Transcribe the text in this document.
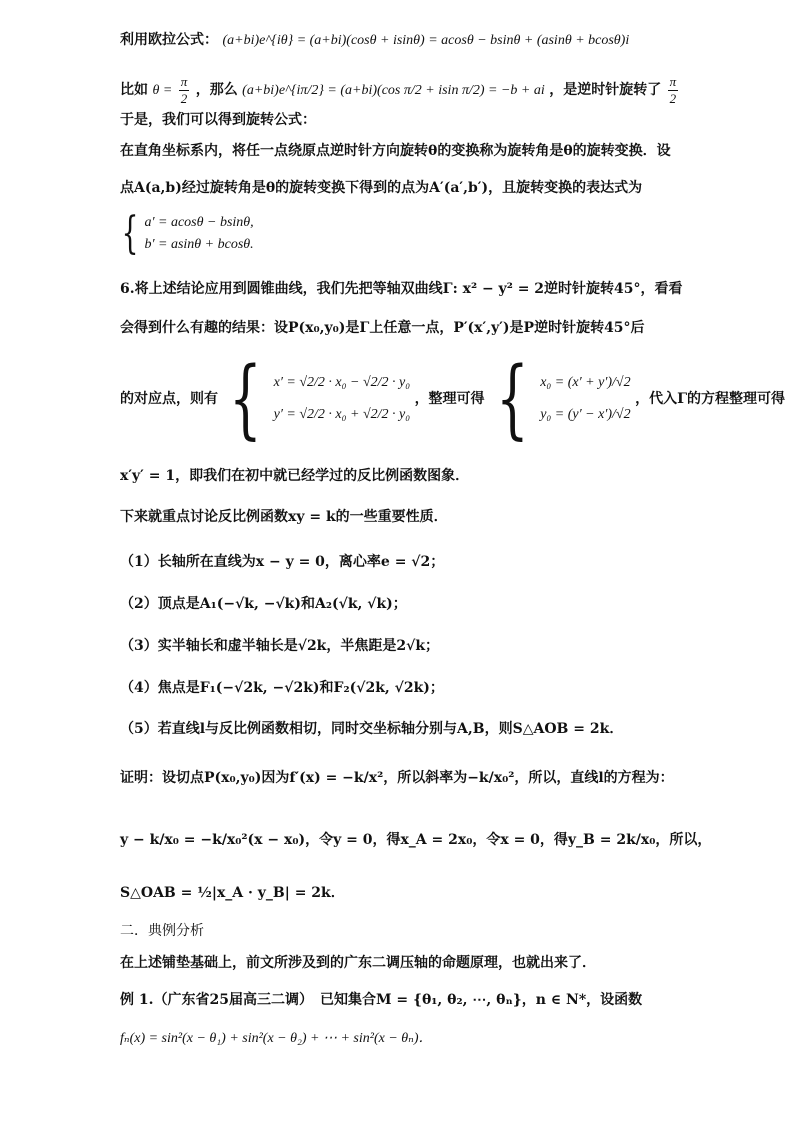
利用欧拉公式： (a+bi)e^{iθ} = (a+bi)(cosθ + isinθ) = acosθ − bsinθ + (asinθ + bcosθ)i
比如 $\theta = \frac{\pi}{2}$ ，那么 (a+bi)e^{iπ/2} = (a+bi)(cos π/2 + isin π/2) = −b + ai ，是逆时针旋转了 $\frac{\pi}{2}$
于是，我们可以得到旋转公式：
在直角坐标系内，将任一点绕原点逆时针方向旋转θ的变换称为旋转角是θ的旋转变换．设
点A(a,b)经过旋转角是θ的旋转变换下得到的点为A′(a′,b′)，且旋转变换的表达式为
{ a′ = acosθ − bsinθ,
b′ = asinθ + bcosθ.
6.将上述结论应用到圆锥曲线，我们先把等轴双曲线Γ: x² − y² = 2逆时针旋转45°，看看
会得到什么有趣的结果：设P(x₀,y₀)是Γ上任意一点，P′(x′,y′)是P逆时针旋转45°后
的对应点，则有 { x′ = √2/2 · x₀ − √2/2 · y₀
y′ = √2/2 · x₀ + √2/2 · y₀
，整理可得 { x₀ = (x′ + y′)/√2
y₀ = (y′ − x′)/√2
，代入Γ的方程整理可得
x′y′ = 1，即我们在初中就已经学过的反比例函数图象．
下来就重点讨论反比例函数xy = k的一些重要性质．
（1）长轴所在直线为x − y = 0，离心率e = √2；
（2）顶点是A₁(−√k, −√k)和A₂(√k, √k)；
（3）实半轴长和虚半轴长是√2k，半焦距是2√k；
（4）焦点是F₁(−√2k, −√2k)和F₂(√2k, √2k)；
（5）若直线l与反比例函数相切，同时交坐标轴分别与A,B，则S△AOB = 2k．
证明：设切点P(x₀,y₀)因为f′(x) = −k/x²，所以斜率为−k/x₀²，所以，直线l的方程为：
y − k/x₀ = −k/x₀²(x − x₀)，令y = 0，得x_A = 2x₀，令x = 0，得y_B = 2k/x₀，所以，
S△OAB = ½|x_A · y_B| = 2k．
二．典例分析
在上述铺垫基础上，前文所涉及到的广东二调压轴的命题原理，也就出来了．
例 1.（广东省25届高三二调）　已知集合M = {θ₁, θ₂, ⋯, θₙ}，n ∈ N*，设函数
fₙ(x) = sin²(x − θ₁) + sin²(x − θ₂) + ⋯ + sin²(x − θₙ)．
